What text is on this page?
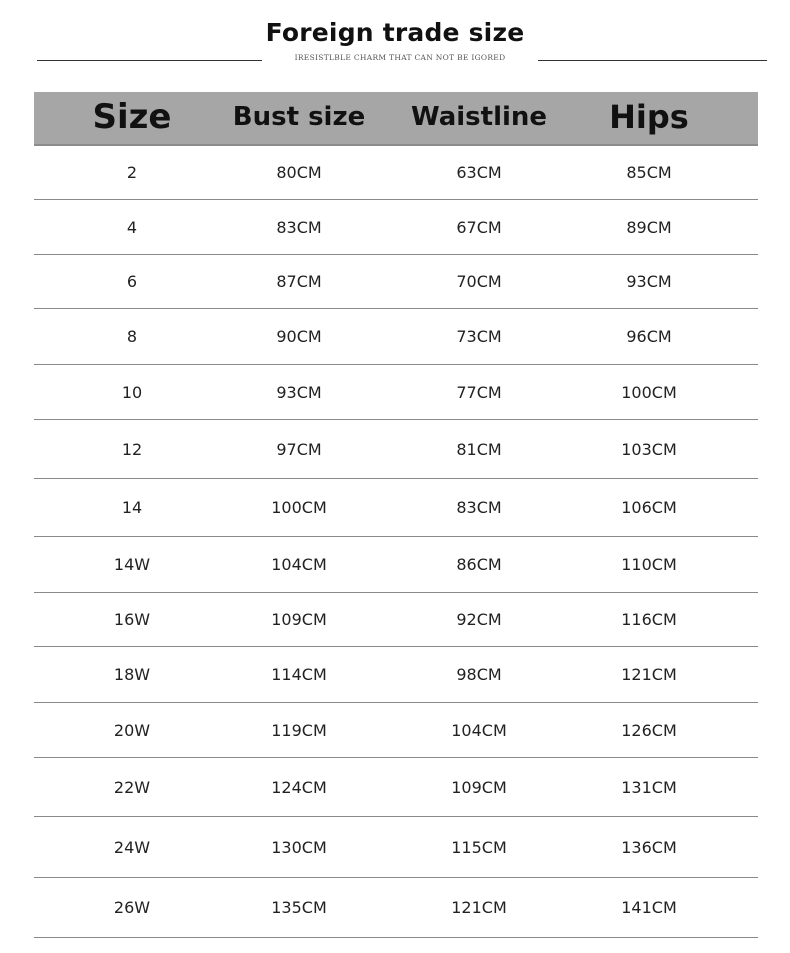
Foreign trade size
IRESISTLBLE CHARM THAT CAN NOT BE IGORED
Size	Bust size	Waistline	Hips
2	80CM	63CM	85CM
4	83CM	67CM	89CM
6	87CM	70CM	93CM
8	90CM	73CM	96CM
10	93CM	77CM	100CM
12	97CM	81CM	103CM
14	100CM	83CM	106CM
14W	104CM	86CM	110CM
16W	109CM	92CM	116CM
18W	114CM	98CM	121CM
20W	119CM	104CM	126CM
22W	124CM	109CM	131CM
24W	130CM	115CM	136CM
26W	135CM	121CM	141CM
